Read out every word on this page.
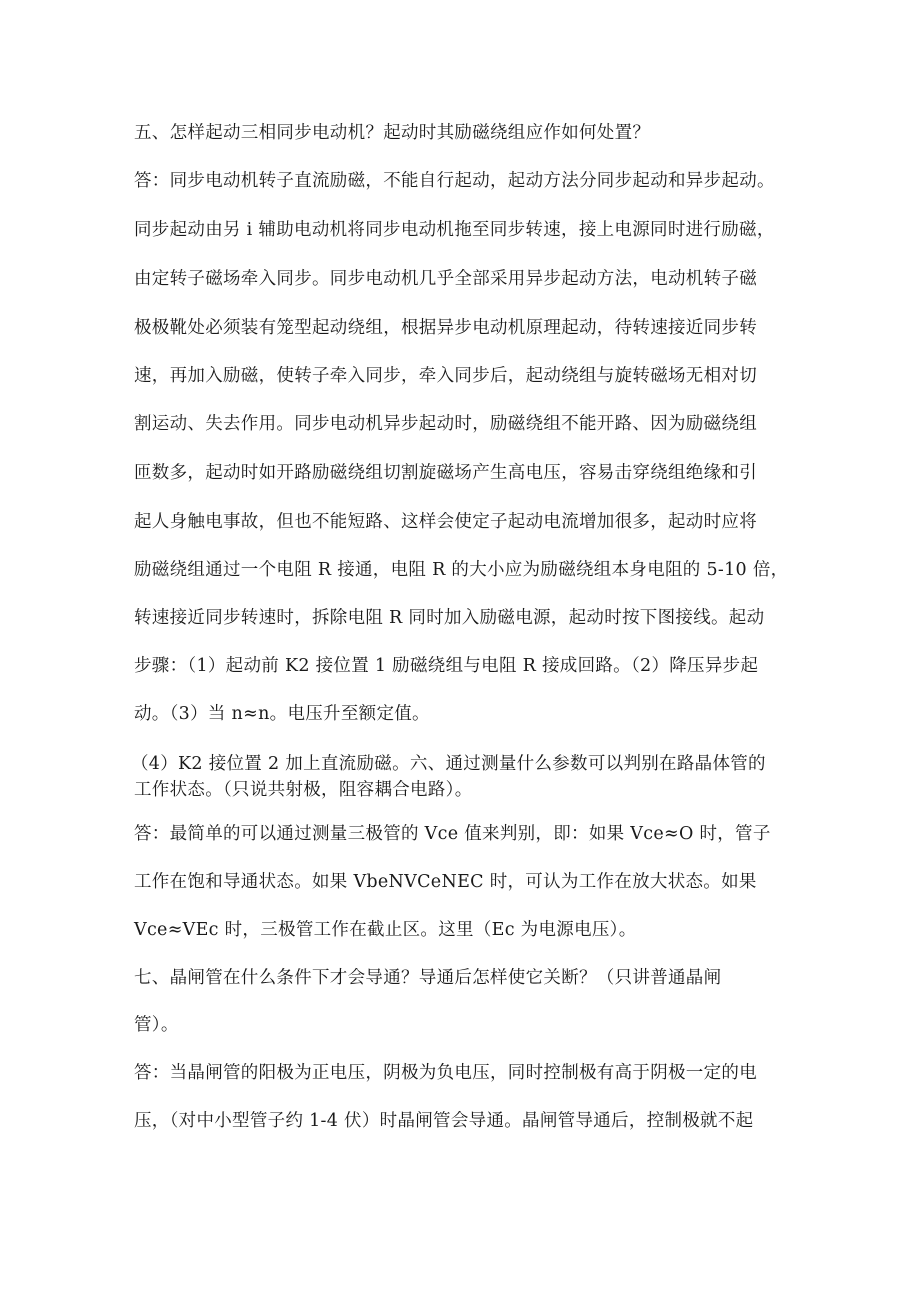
五、怎样起动三相同步电动机？起动时其励磁绕组应作如何处置？
答：同步电动机转子直流励磁，不能自行起动，起动方法分同步起动和异步起动。
同步起动由另 i 辅助电动机将同步电动机拖至同步转速，接上电源同时进行励磁，
由定转子磁场牵入同步。同步电动机几乎全部采用异步起动方法，电动机转子磁
极极靴处必须装有笼型起动绕组，根据异步电动机原理起动，待转速接近同步转
速，再加入励磁，使转子牵入同步，牵入同步后，起动绕组与旋转磁场无相对切
割运动、失去作用。同步电动机异步起动时，励磁绕组不能开路、因为励磁绕组
匝数多，起动时如开路励磁绕组切割旋磁场产生高电压，容易击穿绕组绝缘和引
起人身触电事故，但也不能短路、这样会使定子起动电流增加很多，起动时应将
励磁绕组通过一个电阻 R 接通，电阻 R 的大小应为励磁绕组本身电阻的 5-10 倍，
转速接近同步转速时，拆除电阻 R 同时加入励磁电源，起动时按下图接线。起动
步骤：（1）起动前 K2 接位置 1 励磁绕组与电阻 R 接成回路。（2）降压异步起
动。（3）当 n≈n。电压升至额定值。
（4）K2 接位置 2 加上直流励磁。六、通过测量什么参数可以判别在路晶体管的
工作状态。（只说共射极，阻容耦合电路）。
答：最简单的可以通过测量三极管的 Vce 值来判别，即：如果 Vce≈O 时，管子
工作在饱和导通状态。如果 VbeNVCeNEC 时，可认为工作在放大状态。如果
Vce≈VEc 时，三极管工作在截止区。这里（Ec 为电源电压）。
七、晶闸管在什么条件下才会导通？导通后怎样使它关断？（只讲普通晶闸
管）。
答：当晶闸管的阳极为正电压，阴极为负电压，同时控制极有高于阴极一定的电
压，（对中小型管子约 1-4 伏）时晶闸管会导通。晶闸管导通后，控制极就不起
